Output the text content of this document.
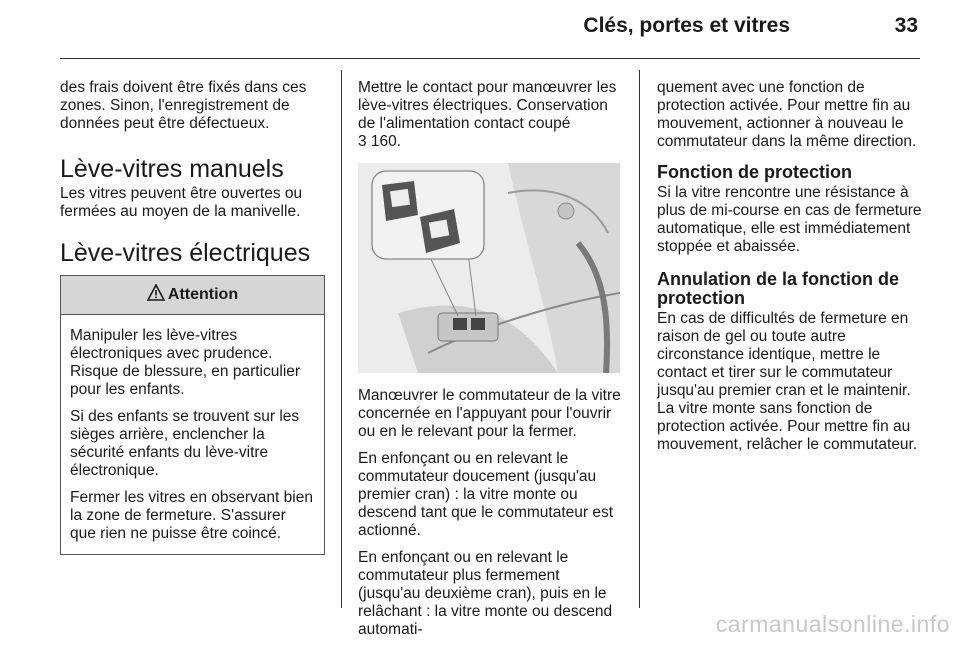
Clés, portes et vitres	33

des frais doivent être fixés dans ces zones. Sinon, l'enregistrement de données peut être défectueux.

Lève-vitres manuels

Les vitres peuvent être ouvertes ou fermées au moyen de la manivelle.

Lève-vitres électriques
Attention

Manipuler les lève-vitres électroniques avec prudence. Risque de blessure, en particulier pour les enfants.

Si des enfants se trouvent sur les sièges arrière, enclencher la sécurité enfants du lève-vitre électronique.

Fermer les vitres en observant bien la zone de fermeture. S'assurer que rien ne puisse être coincé.

Mettre le contact pour manœuvrer les lève-vitres électriques. Conservation de l'alimentation contact coupé

3 160.

Manœuvrer le commutateur de la vitre concernée en l'appuyant pour l'ouvrir ou en le relevant pour la fermer.

En enfonçant ou en relevant le commutateur doucement (jusqu'au premier cran) : la vitre monte ou descend tant que le commutateur est actionné.

En enfonçant ou en relevant le commutateur plus fermement (jusqu'au deuxième cran), puis en le relâchant : la vitre monte ou descend automati-

quement avec une fonction de protection activée. Pour mettre fin au mouvement, actionner à nouveau le commutateur dans la même direction.

Fonction de protection

Si la vitre rencontre une résistance à plus de mi-course en cas de fermeture automatique, elle est immédiatement stoppée et abaissée.

Annulation de la fonction de protection

En cas de difficultés de fermeture en raison de gel ou toute autre circonstance identique, mettre le contact et tirer sur le commutateur jusqu'au premier cran et le maintenir. La vitre monte sans fonction de protection activée. Pour mettre fin au mouvement, relâcher le commutateur.

carmanualsonline.info
